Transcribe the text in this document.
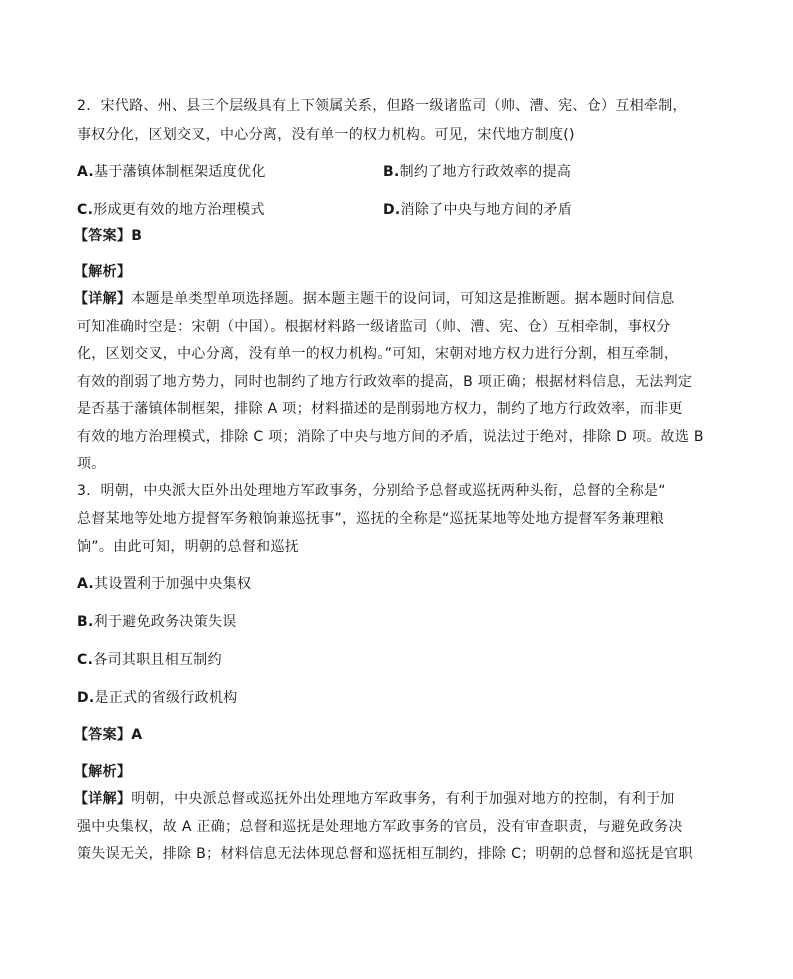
2．宋代路、州、县三个层级具有上下领属关系，但路一级诸监司（帅、漕、宪、仓）互相牵制，
事权分化，区划交叉，中心分离，没有单一的权力机构。可见，宋代地方制度()
A.基于藩镇体制框架适度优化	B.制约了地方行政效率的提高
C.形成更有效的地方治理模式	D.消除了中央与地方间的矛盾
【答案】B
【解析】
【详解】本题是单类型单项选择题。据本题主题干的设问词，可知这是推断题。据本题时间信息
可知准确时空是：宋朝（中国）。根据材料路一级诸监司（帅、漕、宪、仓）互相牵制，事权分
化，区划交叉，中心分离，没有单一的权力机构。”可知，宋朝对地方权力进行分割，相互牵制，
有效的削弱了地方势力，同时也制约了地方行政效率的提高，B 项正确；根据材料信息，无法判定
是否基于藩镇体制框架，排除 A 项；材料描述的是削弱地方权力，制约了地方行政效率，而非更
有效的地方治理模式，排除 C 项；消除了中央与地方间的矛盾，说法过于绝对，排除 D 项。故选 B
项。
3．明朝，中央派大臣外出处理地方军政事务，分别给予总督或巡抚两种头衔，总督的全称是“
总督某地等处地方提督军务粮饷兼巡抚事”，巡抚的全称是“巡抚某地等处地方提督军务兼理粮
饷”。由此可知，明朝的总督和巡抚
A.其设置利于加强中央集权
B.利于避免政务决策失误
C.各司其职且相互制约
D.是正式的省级行政机构
【答案】A
【解析】
【详解】明朝，中央派总督或巡抚外出处理地方军政事务，有利于加强对地方的控制，有利于加
强中央集权，故 A 正确；总督和巡抚是处理地方军政事务的官员，没有审查职责，与避免政务决
策失误无关，排除 B；材料信息无法体现总督和巡抚相互制约，排除 C；明朝的总督和巡抚是官职
